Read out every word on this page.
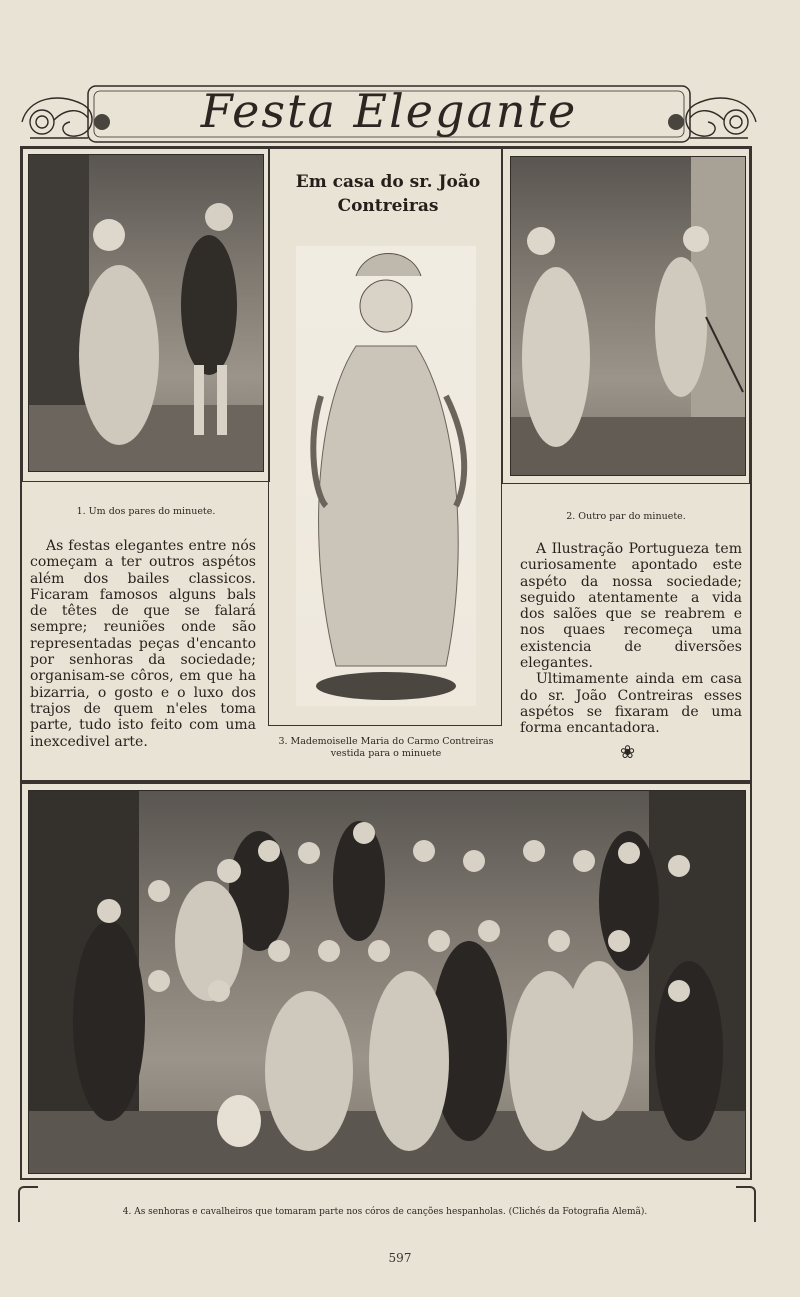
Festa Elegante
1. Um dos pares do minuete.
Em casa do sr. João
Contreiras
3. Mademoiselle Maria do Carmo Contreiras
vestida para o minuete
2. Outro par do minuete.

As festas elegantes entre nós começam a ter outros aspétos além dos bailes classicos. Ficaram famosos alguns bals de têtes de que se falará sempre; reuniões onde são representadas peças d'encanto por senhoras da sociedade; organisam-se côros, em que ha bizarria, o gosto e o luxo dos trajos de quem n'eles toma parte, tudo isto feito com uma inexcedivel arte.

A Ilustração Portugueza tem curiosamente apontado este aspéto da nossa sociedade; seguido atentamente a vida dos salões que se reabrem e nos quaes recomeça uma existencia de diversões elegantes.

Ultimamente ainda em casa do sr. João Contreiras esses aspétos se fixaram de uma forma encantadora.

❀
4. As senhoras e cavalheiros que tomaram parte nos córos de canções hespanholas. (Clichés da Fotografia Alemã).
597
